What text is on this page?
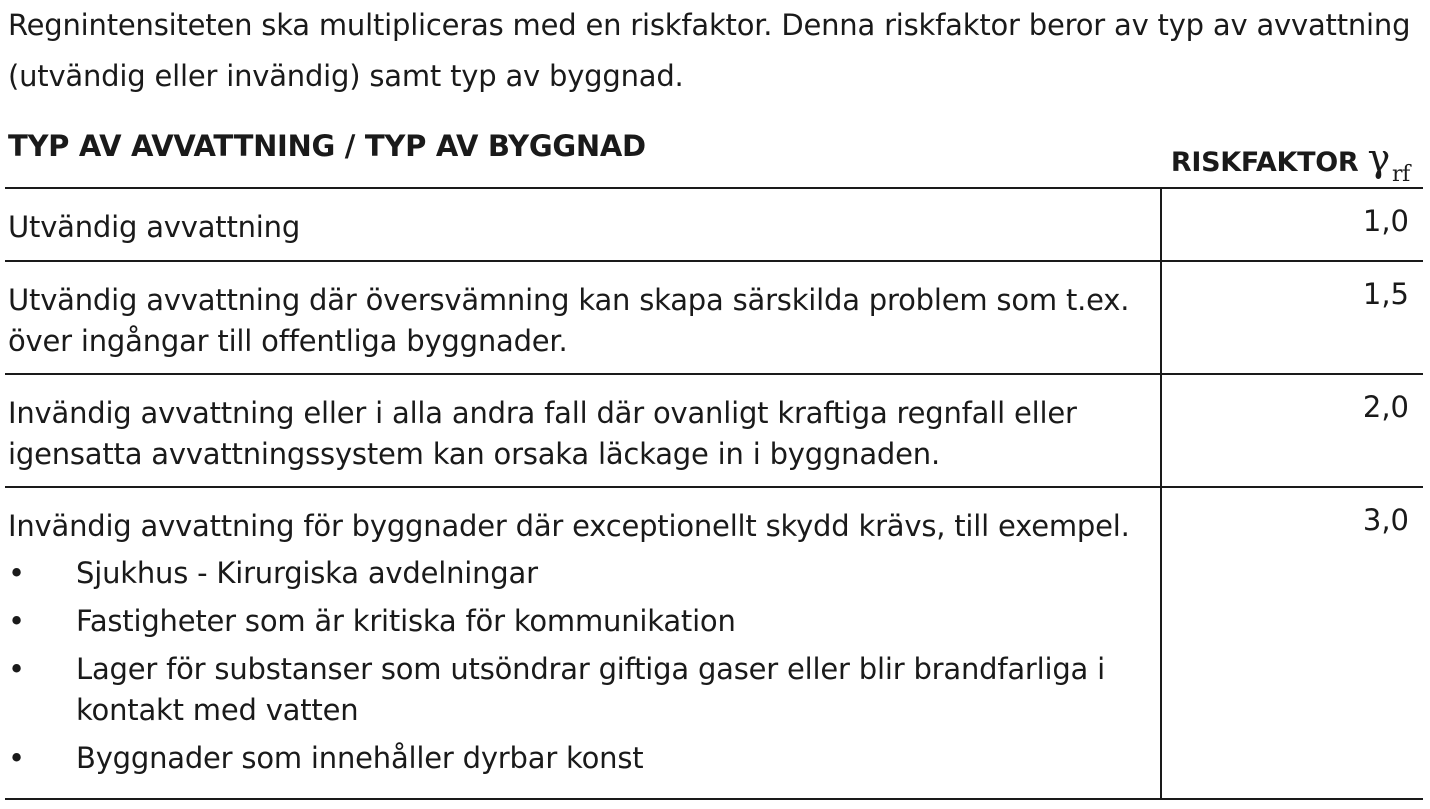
Regnintensiteten ska multipliceras med en riskfaktor. Denna riskfaktor beror av typ av avvattning (utvändig eller invändig) samt typ av byggnad.
TYP AV AVVATTNING / TYP AV BYGGNAD	RISKFAKTOR $\gamma_{rf}$
Utvändig avvattning	1,0
Utvändig avvattning där översvämning kan skapa särskilda problem som t.ex. över ingångar till offentliga byggnader.
1,5
Invändig avvattning eller i alla andra fall där ovanligt kraftiga regnfall eller igensatta avvattningssystem kan orsaka läckage in i byggnaden.
2,0
Invändig avvattning för byggnader där exceptionellt skydd krävs, till exempel.
• Sjukhus - Kirurgiska avdelningar
• Fastigheter som är kritiska för kommunikation
• Lager för substanser som utsöndrar giftiga gaser eller blir brandfarliga i kontakt med vatten
• Byggnader som innehåller dyrbar konst
3,0
